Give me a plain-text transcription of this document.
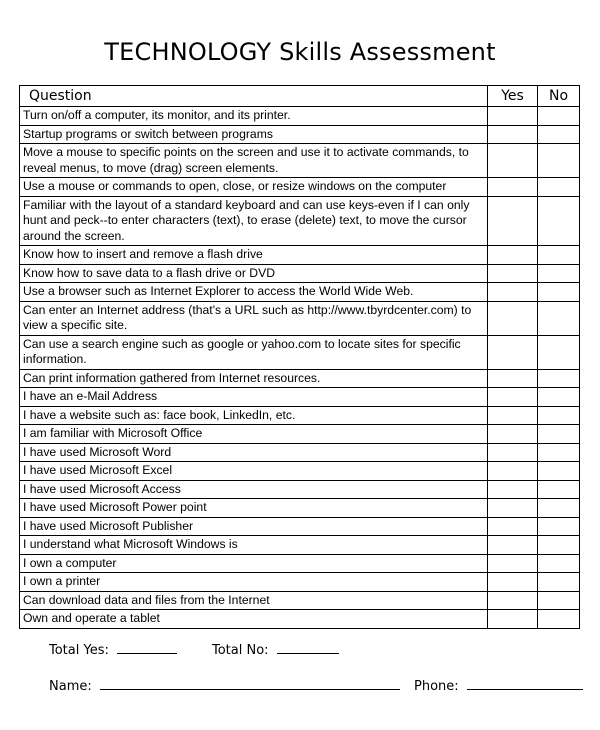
TECHNOLOGY Skills Assessment
Question	Yes	No
Turn on/off a computer, its monitor, and its printer.		
Startup programs or switch between programs		
Move a mouse to specific points on the screen and use it to activate commands, to reveal menus, to move (drag) screen elements.		
Use a mouse or commands to open, close, or resize windows on the computer		
Familiar with the layout of a standard keyboard and can use keys-even if I can only hunt and peck--to enter characters (text), to erase (delete) text, to move the cursor around the screen.		
Know how to insert and remove a flash drive		
Know how to save data to a flash drive or DVD		
Use a browser such as Internet Explorer to access the World Wide Web.		
Can enter an Internet address (that's a URL such as http://www.tbyrdcenter.com) to view a specific site.		
Can use a search engine such as google or yahoo.com to locate sites for specific information.		
Can print information gathered from Internet resources.		
I have an e-Mail Address		
I have a website such as: face book, LinkedIn, etc.		
I am familiar with Microsoft Office		
I have used Microsoft Word		
I have used Microsoft Excel		
I have used Microsoft Access		
I have used Microsoft Power point		
I have used Microsoft Publisher		
I understand what Microsoft Windows is		
I own a computer		
I own a printer		
Can download data and files from the Internet		
Own and operate a tablet		
Total Yes:	Total No:
Name:	Phone:
